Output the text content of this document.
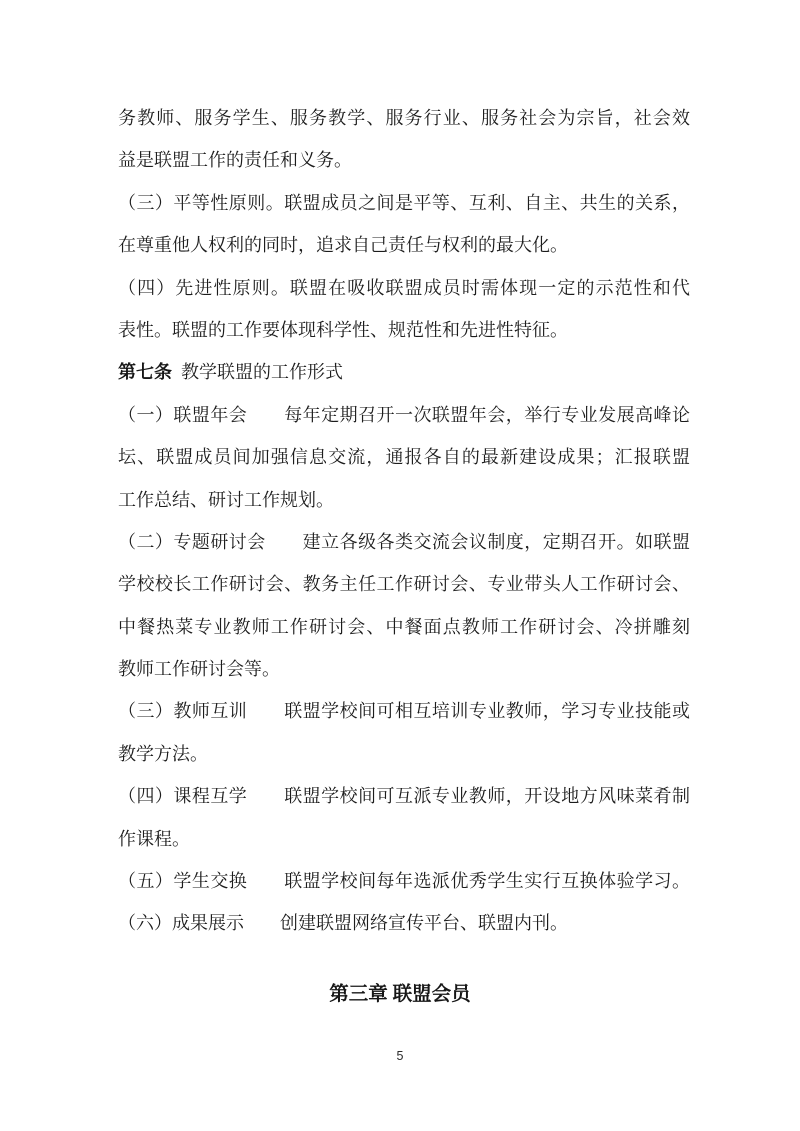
务教师、服务学生、服务教学、服务行业、服务社会为宗旨，社会效
益是联盟工作的责任和义务。
（三）平等性原则。联盟成员之间是平等、互利、自主、共生的关系，
在尊重他人权利的同时，追求自己责任与权利的最大化。
（四）先进性原则。联盟在吸收联盟成员时需体现一定的示范性和代
表性。联盟的工作要体现科学性、规范性和先进性特征。
第七条 教学联盟的工作形式
（一）联盟年会　　每年定期召开一次联盟年会，举行专业发展高峰论
坛、联盟成员间加强信息交流，通报各自的最新建设成果；汇报联盟
工作总结、研讨工作规划。
（二）专题研讨会　　建立各级各类交流会议制度，定期召开。如联盟
学校校长工作研讨会、教务主任工作研讨会、专业带头人工作研讨会、
中餐热菜专业教师工作研讨会、中餐面点教师工作研讨会、冷拼雕刻
教师工作研讨会等。
（三）教师互训　　联盟学校间可相互培训专业教师，学习专业技能或
教学方法。
（四）课程互学　　联盟学校间可互派专业教师，开设地方风味菜肴制
作课程。
（五）学生交换　　联盟学校间每年选派优秀学生实行互换体验学习。
（六）成果展示　　创建联盟网络宣传平台、联盟内刊。
第三章 联盟会员
5
